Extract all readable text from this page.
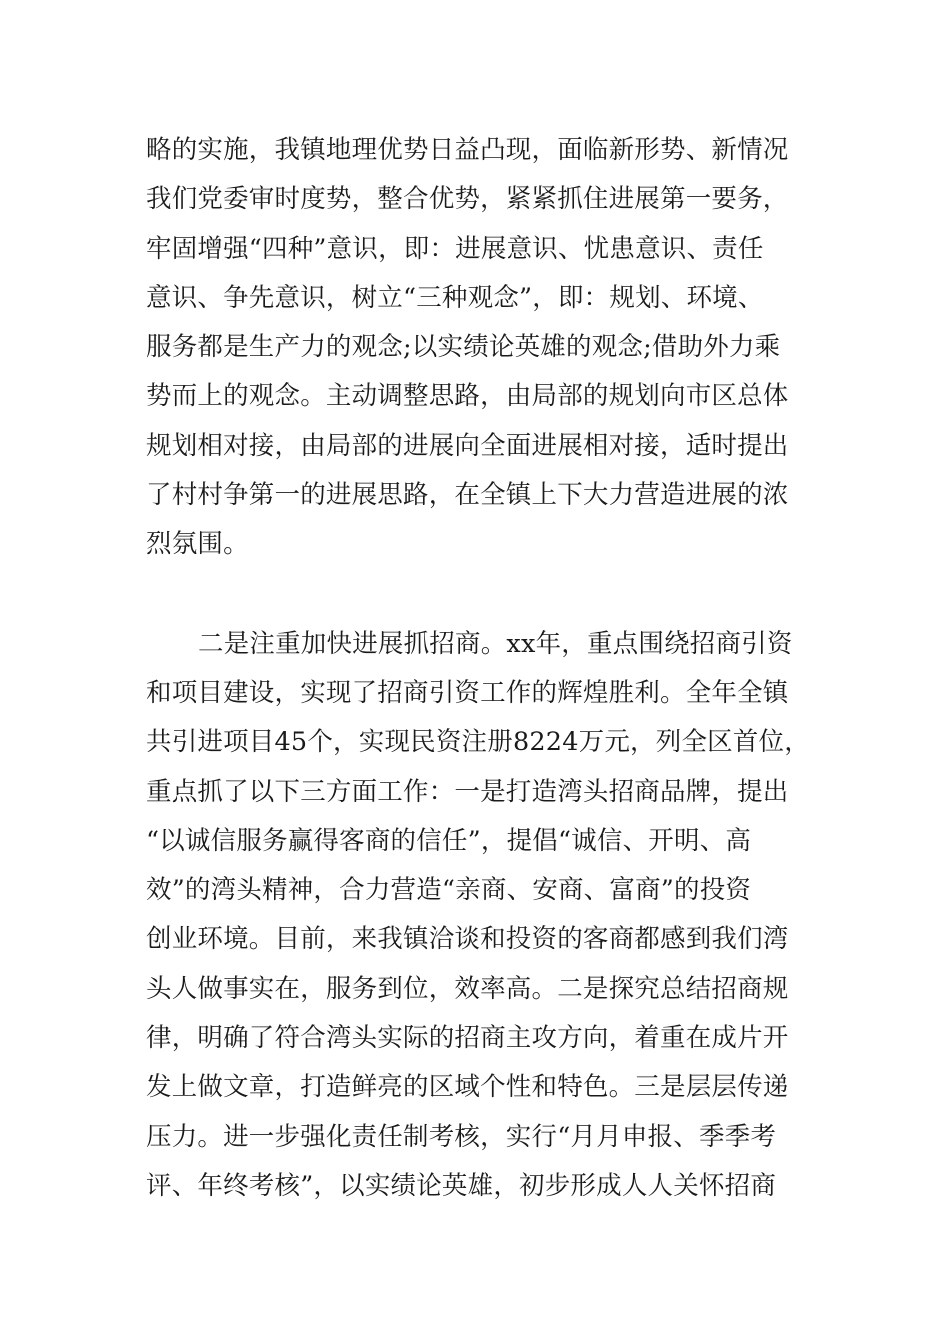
略的实施，我镇地理优势日益凸现，面临新形势、新情况
我们党委审时度势，整合优势，紧紧抓住进展第一要务，
牢固增强“四种”意识，即：进展意识、忧患意识、责任
意识、争先意识，树立“三种观念”，即：规划、环境、
服务都是生产力的观念;以实绩论英雄的观念;借助外力乘
势而上的观念。主动调整思路，由局部的规划向市区总体
规划相对接，由局部的进展向全面进展相对接，适时提出
了村村争第一的进展思路，在全镇上下大力营造进展的浓
烈氛围。

二是注重加快进展抓招商。xx年，重点围绕招商引资
和项目建设，实现了招商引资工作的辉煌胜利。全年全镇
共引进项目45个，实现民资注册8224万元，列全区首位，
重点抓了以下三方面工作：一是打造湾头招商品牌，提出
“以诚信服务赢得客商的信任”，提倡“诚信、开明、高
效”的湾头精神，合力营造“亲商、安商、富商”的投资
创业环境。目前，来我镇洽谈和投资的客商都感到我们湾
头人做事实在，服务到位，效率高。二是探究总结招商规
律，明确了符合湾头实际的招商主攻方向，着重在成片开
发上做文章，打造鲜亮的区域个性和特色。三是层层传递
压力。进一步强化责任制考核，实行“月月申报、季季考
评、年终考核”，以实绩论英雄，初步形成人人关怀招商
